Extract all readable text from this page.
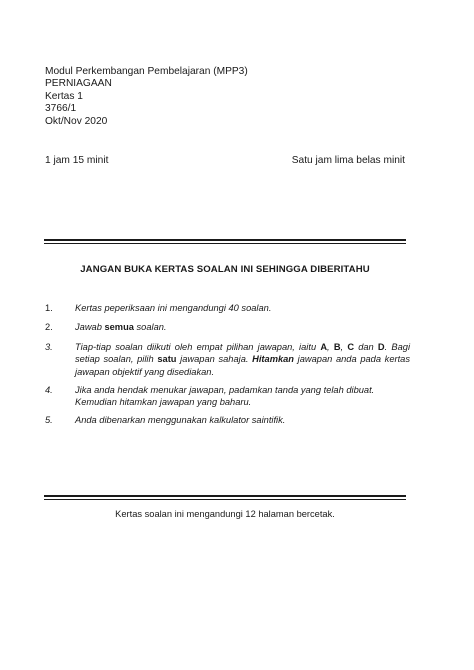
Modul Perkembangan Pembelajaran (MPP3)
PERNIAGAAN
Kertas 1
3766/1
Okt/Nov 2020
1 jam 15 minit	Satu jam lima belas minit
JANGAN BUKA KERTAS SOALAN INI SEHINGGA DIBERITAHU
1.	Kertas peperiksaan ini mengandungi 40 soalan.
2.	Jawab semua soalan.
3.	Tiap-tiap soalan diikuti oleh empat pilihan jawapan, iaitu A, B, C dan D. Bagi setiap soalan, pilih satu jawapan sahaja. Hitamkan jawapan anda pada kertas jawapan objektif yang disediakan.
4.	Jika anda hendak menukar jawapan, padamkan tanda yang telah dibuat. Kemudian hitamkan jawapan yang baharu.
5.	Anda dibenarkan menggunakan kalkulator saintifik.
Kertas soalan ini mengandungi 12 halaman bercetak.
